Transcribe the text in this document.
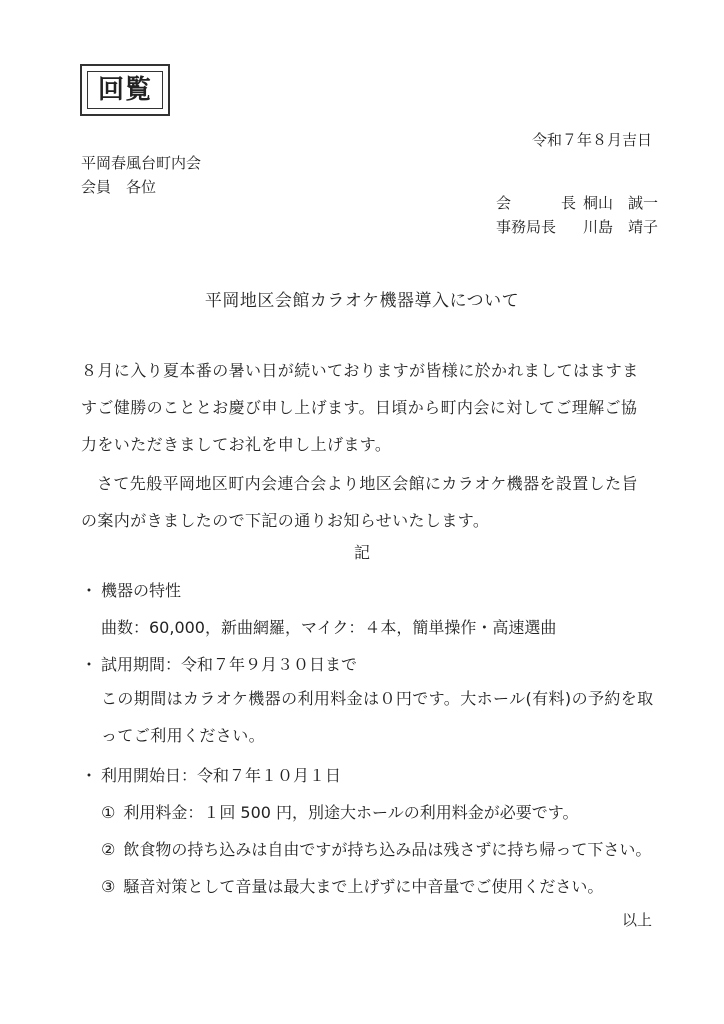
回覧
令和７年８月吉日
平岡春風台町内会
会員　各位
会	長 桐山 誠一
事務局長 川島 靖子
平岡地区会館カラオケ機器導入について
８月に入り夏本番の暑い日が続いておりますが皆様に於かれましてはますますご健勝のこととお慶び申し上げます。日頃から町内会に対してご理解ご協力をいただきましてお礼を申し上げます。
さて先般平岡地区町内会連合会より地区会館にカラオケ機器を設置した旨の案内がきましたので下記の通りお知らせいたします。
記
・ 機器の特性
曲数：60,000，新曲網羅，マイク：４本，簡単操作・高速選曲
・ 試用期間：令和７年９月３０日まで
この期間はカラオケ機器の利用料金は０円です。大ホール(有料)の予約を取ってご利用ください。
・ 利用開始日：令和７年１０月１日
①  利用料金：１回 500 円，別途大ホールの利用料金が必要です。
②  飲食物の持ち込みは自由ですが持ち込み品は残さずに持ち帰って下さい。
③  騒音対策として音量は最大まで上げずに中音量でご使用ください。
以上
